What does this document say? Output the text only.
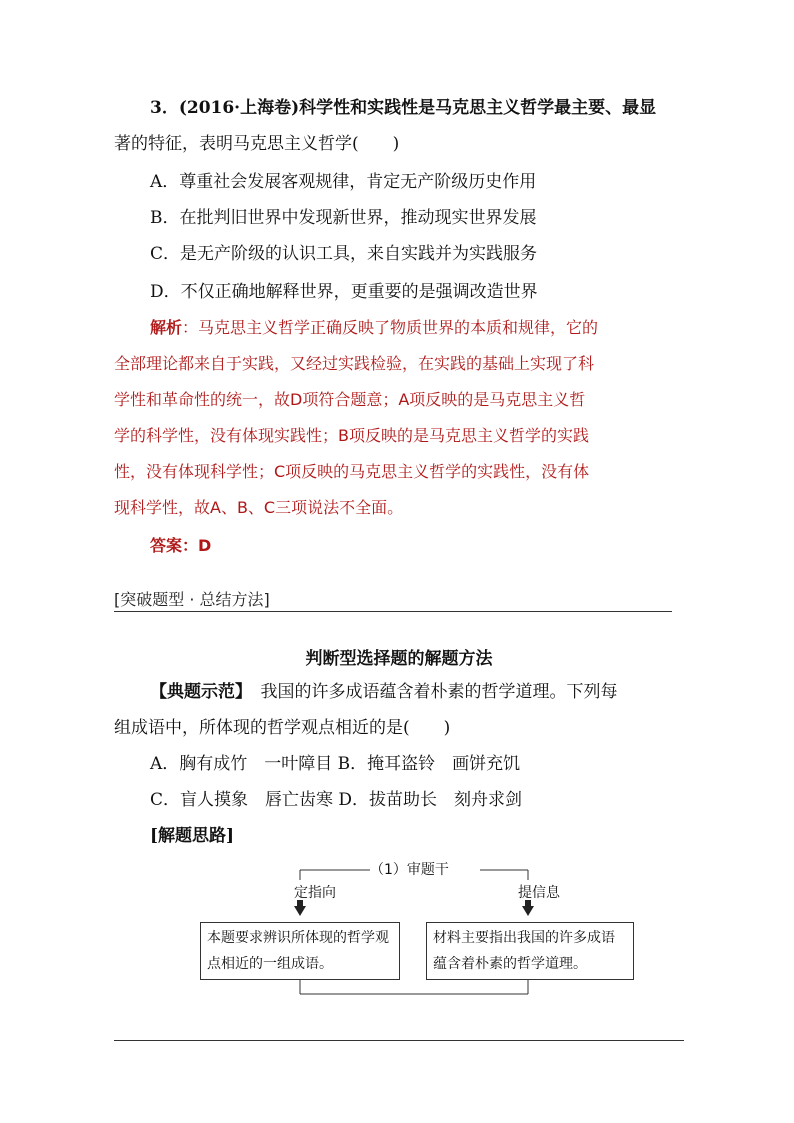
3．(2016·上海卷)科学性和实践性是马克思主义哲学最主要、最显
著的特征，表明马克思主义哲学(　　)
A．尊重社会发展客观规律，肯定无产阶级历史作用
B．在批判旧世界中发现新世界，推动现实世界发展
C．是无产阶级的认识工具，来自实践并为实践服务
D．不仅正确地解释世界，更重要的是强调改造世界
解析：马克思主义哲学正确反映了物质世界的本质和规律，它的
全部理论都来自于实践，又经过实践检验，在实践的基础上实现了科
学性和革命性的统一，故D项符合题意；A项反映的是马克思主义哲
学的科学性，没有体现实践性；B项反映的是马克思主义哲学的实践
性，没有体现科学性；C项反映的马克思主义哲学的实践性，没有体
现科学性，故A、B、C三项说法不全面。
答案：D
[突破题型 · 总结方法]
判断型选择题的解题方法
【典题示范】　我国的许多成语蕴含着朴素的哲学道理。下列每
组成语中，所体现的哲学观点相近的是(　　)
A．胸有成竹　一叶障目 B．掩耳盗铃　画饼充饥
C．盲人摸象　唇亡齿寒 D．拔苗助长　刻舟求剑
[解题思路]
（1）审题干
定指向	提信息
本题要求辨识所体现的哲学观点相近的一组成语。
材料主要指出我国的许多成语蕴含着朴素的哲学道理。
